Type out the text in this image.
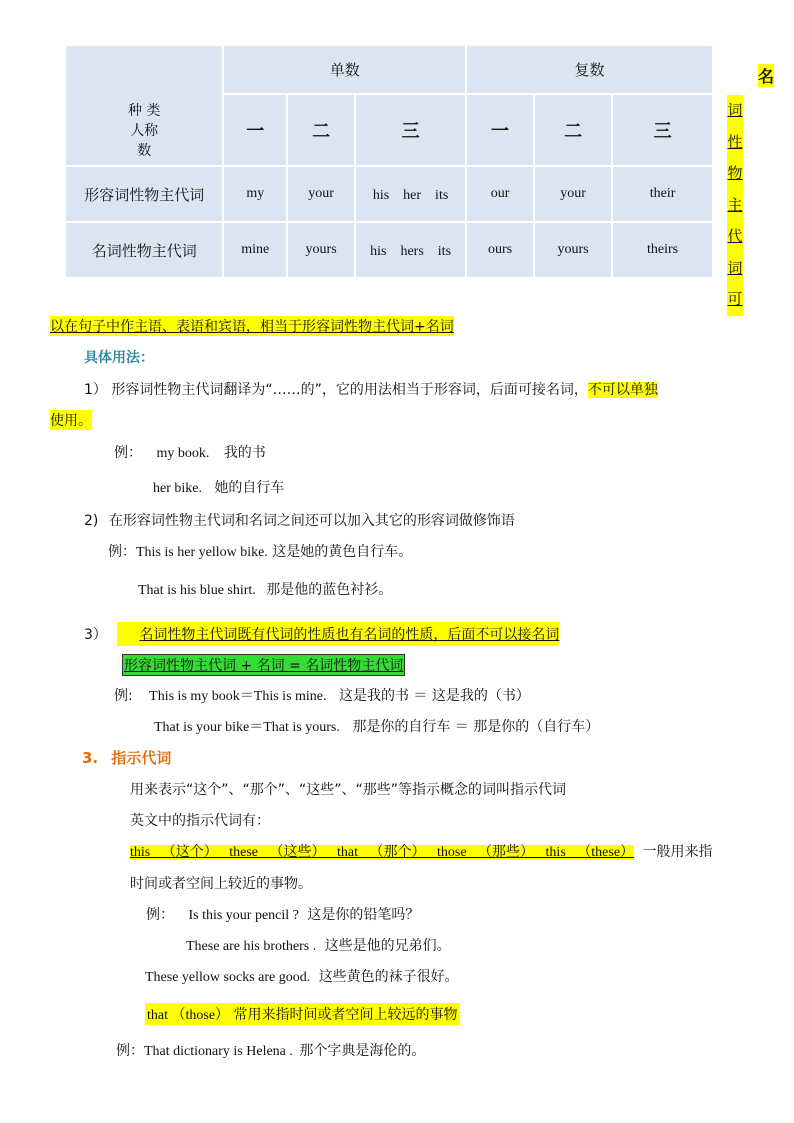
种 类
人称
数	单数			复数		
	一	二	三	一	二	三
形容词性物主代词	my	your	his　her　its	our	your	their
名词性物主代词	mine	yours	his　hers　its	ours	yours	theirs
名
词
性
物
主
代
词
可
以在句子中作主语、表语和宾语，相当于形容词性物主代词+名词
具体用法：
1） 形容词性物主代词翻译为“……的”，它的用法相当于形容词，后面可接名词，不可以单独
使用。
例： my book. 我的书
her bike. 她的自行车
2) 在形容词性物主代词和名词之间还可以加入其它的形容词做修饰语
例：This is her yellow bike. 这是她的黄色自行车。
That is his blue shirt. 那是他的蓝色衬衫。
3） 名词性物主代词既有代词的性质也有名词的性质，后面不可以接名词
形容词性物主代词 + 名词 = 名词性物主代词
例: This is my book＝This is mine. 这是我的书 ＝ 这是我的（书）
That is your bike＝That is yours. 那是你的自行车 ＝ 那是你的（自行车）
3. 指示代词
用来表示“这个”、“那个”、“这些”、“那些”等指示概念的词叫指示代词
英文中的指示代词有：
this （这个） these （这些） that （那个） those （那些） this （these） 一般用来指
时间或者空间上较近的事物。
例： Is this your pencil ? 这是你的铅笔吗？
These are his brothers . 这些是他的兄弟们。
These yellow socks are good. 这些黄色的袜子很好。
that （those） 常用来指时间或者空间上较远的事物
例：That dictionary is Helena . 那个字典是海伦的。
